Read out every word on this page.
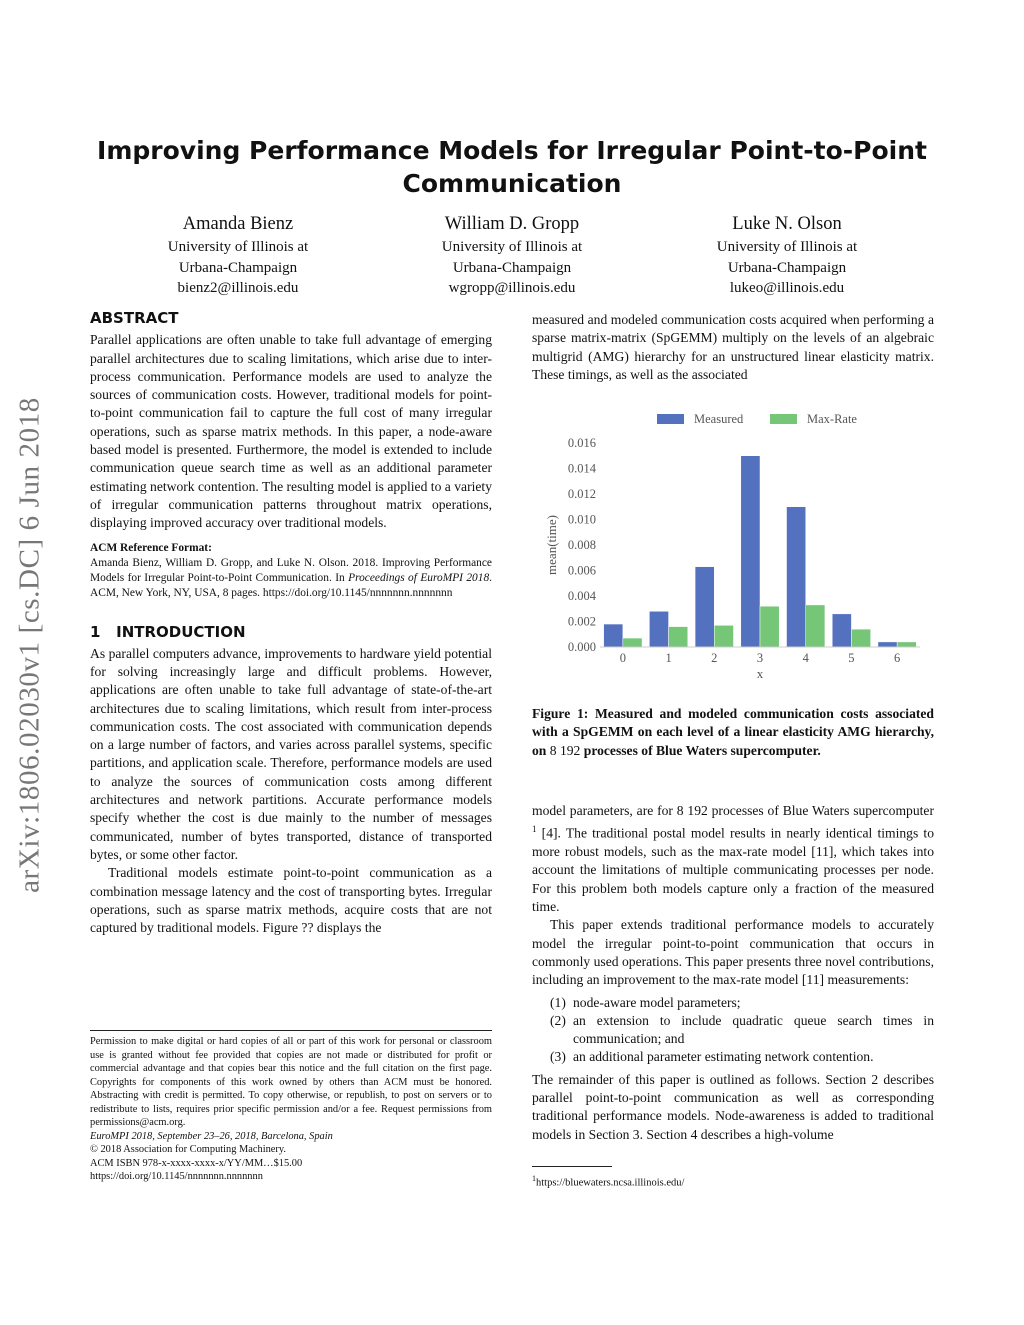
Improving Performance Models for Irregular Point-to-Point Communication
Amanda Bienz
University of Illinois at
Urbana-Champaign
bienz2@illinois.edu
William D. Gropp
University of Illinois at
Urbana-Champaign
wgropp@illinois.edu
Luke N. Olson
University of Illinois at
Urbana-Champaign
lukeo@illinois.edu
arXiv:1806.02030v1 [cs.DC] 6 Jun 2018
ABSTRACT

Parallel applications are often unable to take full advantage of emerging parallel architectures due to scaling limitations, which arise due to inter-process communication. Performance models are used to analyze the sources of communication costs. However, traditional models for point-to-point communication fail to capture the full cost of many irregular operations, such as sparse matrix methods. In this paper, a node-aware based model is presented. Furthermore, the model is extended to include communication queue search time as well as an additional parameter estimating network contention. The resulting model is applied to a variety of irregular communication patterns throughout matrix operations, displaying improved accuracy over traditional models.

ACM Reference Format:

Amanda Bienz, William D. Gropp, and Luke N. Olson. 2018. Improving Performance Models for Irregular Point-to-Point Communication. In Proceedings of EuroMPI 2018. ACM, New York, NY, USA, 8 pages. https://doi.org/10.1145/nnnnnnn.nnnnnnn

1 INTRODUCTION

As parallel computers advance, improvements to hardware yield potential for solving increasingly large and difficult problems. However, applications are often unable to take full advantage of state-of-the-art architectures due to scaling limitations, which result from inter-process communication costs. The cost associated with communication depends on a large number of factors, and varies across parallel systems, specific partitions, and application scale. Therefore, performance models are used to analyze the sources of communication costs among different architectures and network partitions. Accurate performance models specify whether the cost is due mainly to the number of messages communicated, number of bytes transported, distance of transported bytes, or some other factor.

Traditional models estimate point-to-point communication as a combination message latency and the cost of transporting bytes. Irregular operations, such as sparse matrix methods, acquire costs that are not captured by traditional models. Figure ?? displays the

Permission to make digital or hard copies of all or part of this work for personal or classroom use is granted without fee provided that copies are not made or distributed for profit or commercial advantage and that copies bear this notice and the full citation on the first page. Copyrights for components of this work owned by others than ACM must be honored. Abstracting with credit is permitted. To copy otherwise, or republish, to post on servers or to redistribute to lists, requires prior specific permission and/or a fee. Request permissions from permissions@acm.org.

EuroMPI 2018, September 23–26, 2018, Barcelona, Spain

© 2018 Association for Computing Machinery.

ACM ISBN 978-x-xxxx-xxxx-x/YY/MM…$15.00

https://doi.org/10.1145/nnnnnnn.nnnnnnn

measured and modeled communication costs acquired when performing a sparse matrix-matrix (SpGEMM) multiply on the levels of an algebraic multigrid (AMG) hierarchy for an unstructured linear elasticity matrix. These timings, as well as the associated

Measured	Max-Rate
0.000
0.002
0.004
0.006
0.008
0.010
0.012
0.014
0.016
0	1	2	3	4	5	6
x
mean(time)

Figure 1: Measured and modeled communication costs associated with a SpGEMM on each level of a linear elasticity AMG hierarchy, on 8 192 processes of Blue Waters supercomputer.

model parameters, are for 8 192 processes of Blue Waters supercomputer $^1$ [4]. The traditional postal model results in nearly identical timings to more robust models, such as the max-rate model [11], which takes into account the limitations of multiple communicating processes per node. For this problem both models capture only a fraction of the measured time.

This paper extends traditional performance models to accurately model the irregular point-to-point communication that occurs in commonly used operations. This paper presents three novel contributions, including an improvement to the max-rate model [11] measurements:

(1) node-aware model parameters;
(2) an extension to include quadratic queue search times in communication; and
(3) an additional parameter estimating network contention.

The remainder of this paper is outlined as follows. Section 2 describes parallel point-to-point communication as well as corresponding traditional performance models. Node-awareness is added to traditional models in Section 3. Section 4 describes a high-volume

$^1$https://bluewaters.ncsa.illinois.edu/
